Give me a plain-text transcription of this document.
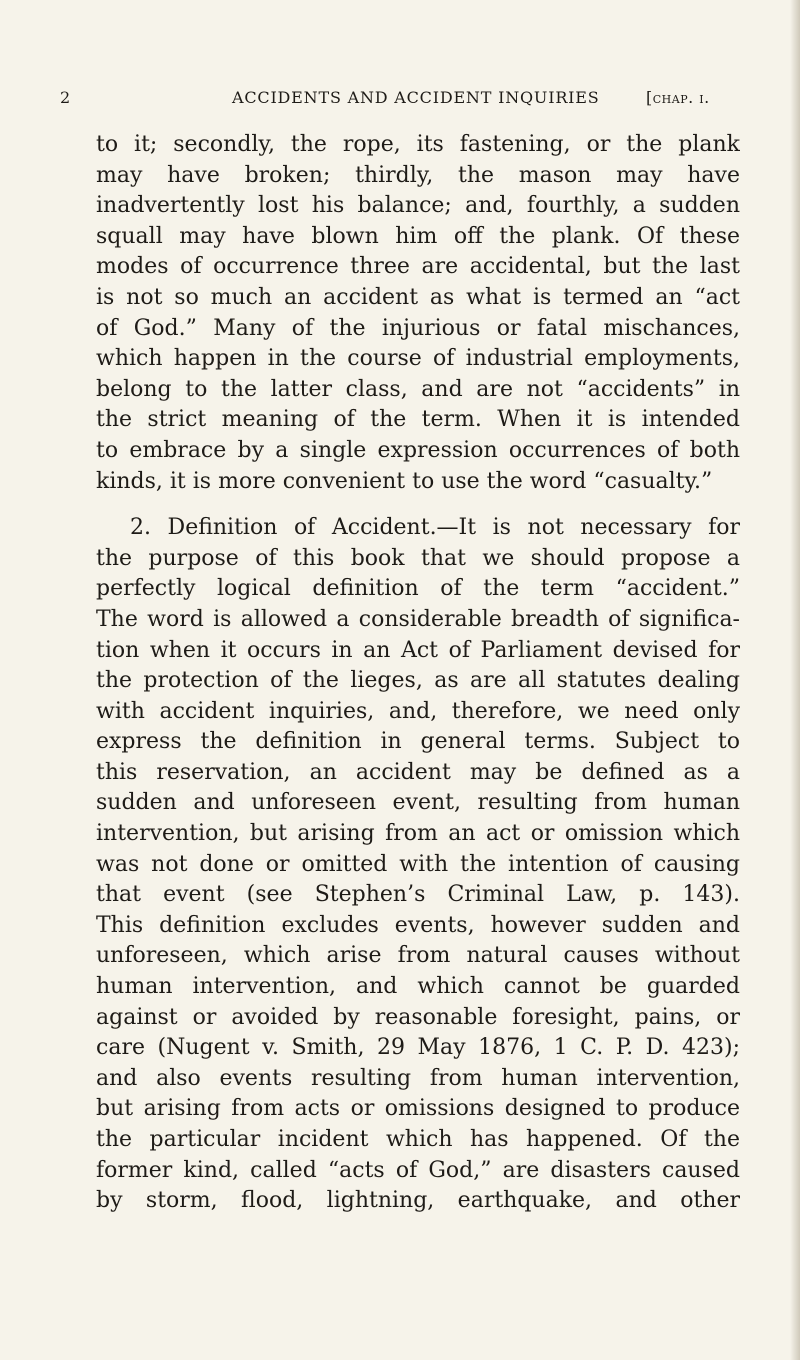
2	ACCIDENTS AND ACCIDENT INQUIRIES	[chap. i.
to it; secondly, the rope, its fastening, or the plank
may have broken; thirdly, the mason may have
inadvertently lost his balance; and, fourthly, a sudden
squall may have blown him off the plank. Of these
modes of occurrence three are accidental, but the last
is not so much an accident as what is termed an “act
of God.” Many of the injurious or fatal mischances,
which happen in the course of industrial employments,
belong to the latter class, and are not “accidents” in
the strict meaning of the term. When it is intended
to embrace by a single expression occurrences of both
kinds, it is more convenient to use the word “casualty.”
2. Definition of Accident.—It is not necessary for
the purpose of this book that we should propose a
perfectly logical definition of the term “accident.”
The word is allowed a considerable breadth of significa-
tion when it occurs in an Act of Parliament devised for
the protection of the lieges, as are all statutes dealing
with accident inquiries, and, therefore, we need only
express the definition in general terms. Subject to
this reservation, an accident may be defined as a
sudden and unforeseen event, resulting from human
intervention, but arising from an act or omission which
was not done or omitted with the intention of causing
that event (see Stephen’s Criminal Law, p. 143).
This definition excludes events, however sudden and
unforeseen, which arise from natural causes without
human intervention, and which cannot be guarded
against or avoided by reasonable foresight, pains, or
care (Nugent v. Smith, 29 May 1876, 1 C. P. D. 423);
and also events resulting from human intervention,
but arising from acts or omissions designed to produce
the particular incident which has happened. Of the
former kind, called “acts of God,” are disasters caused
by storm, flood, lightning, earthquake, and other
